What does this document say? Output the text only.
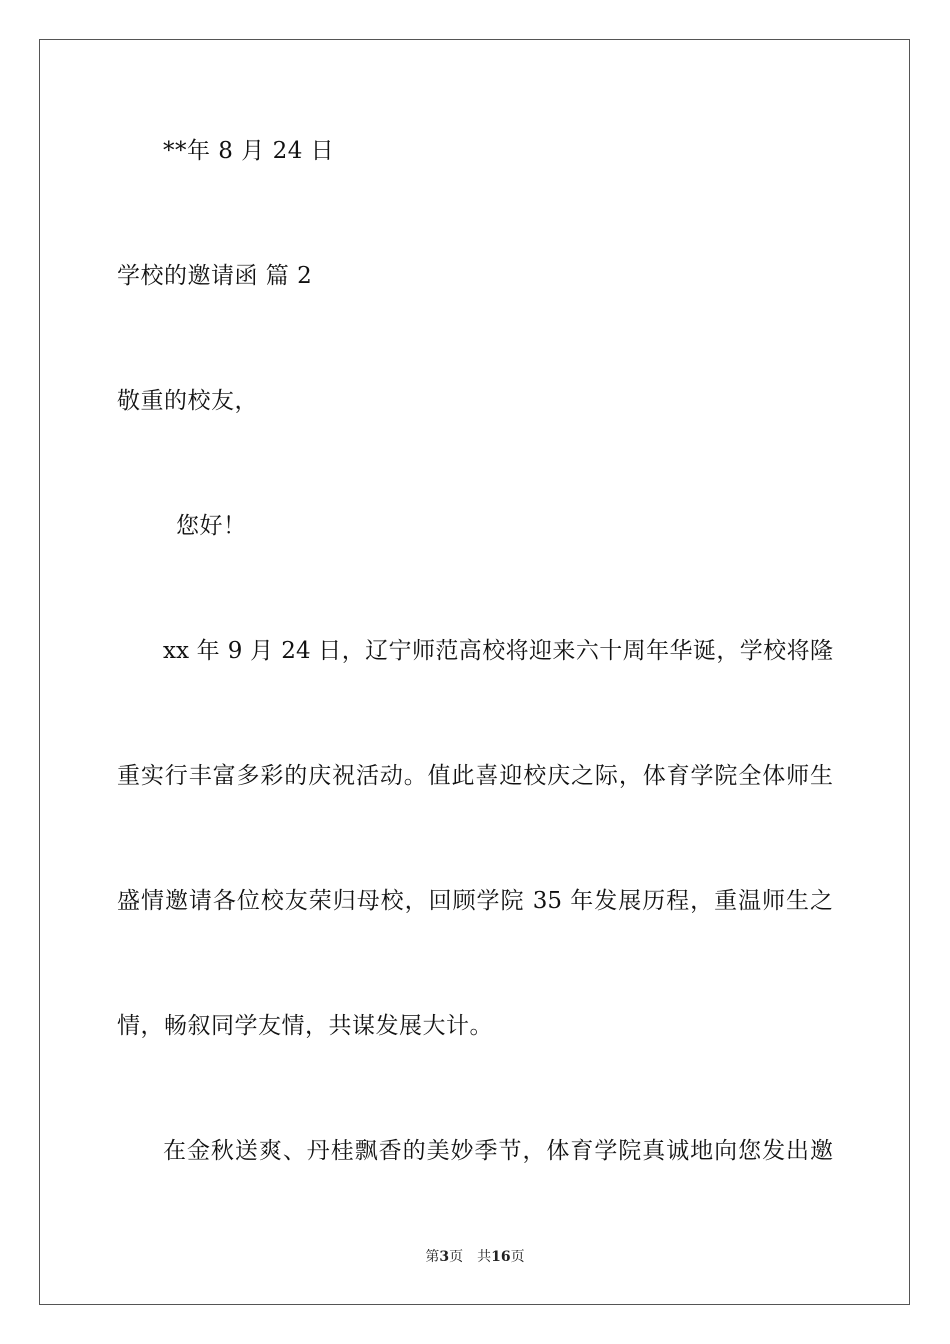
**年 8 月 24 日
学校的邀请函 篇 2
敬重的校友，
您好！
xx 年 9 月 24 日，辽宁师范高校将迎来六十周年华诞，学校将隆
重实行丰富多彩的庆祝活动。值此喜迎校庆之际，体育学院全体师生
盛情邀请各位校友荣归母校，回顾学院 35 年发展历程，重温师生之
情，畅叙同学友情，共谋发展大计。
在金秋送爽、丹桂飘香的美妙季节，体育学院真诚地向您发出邀
第3页　共16页
